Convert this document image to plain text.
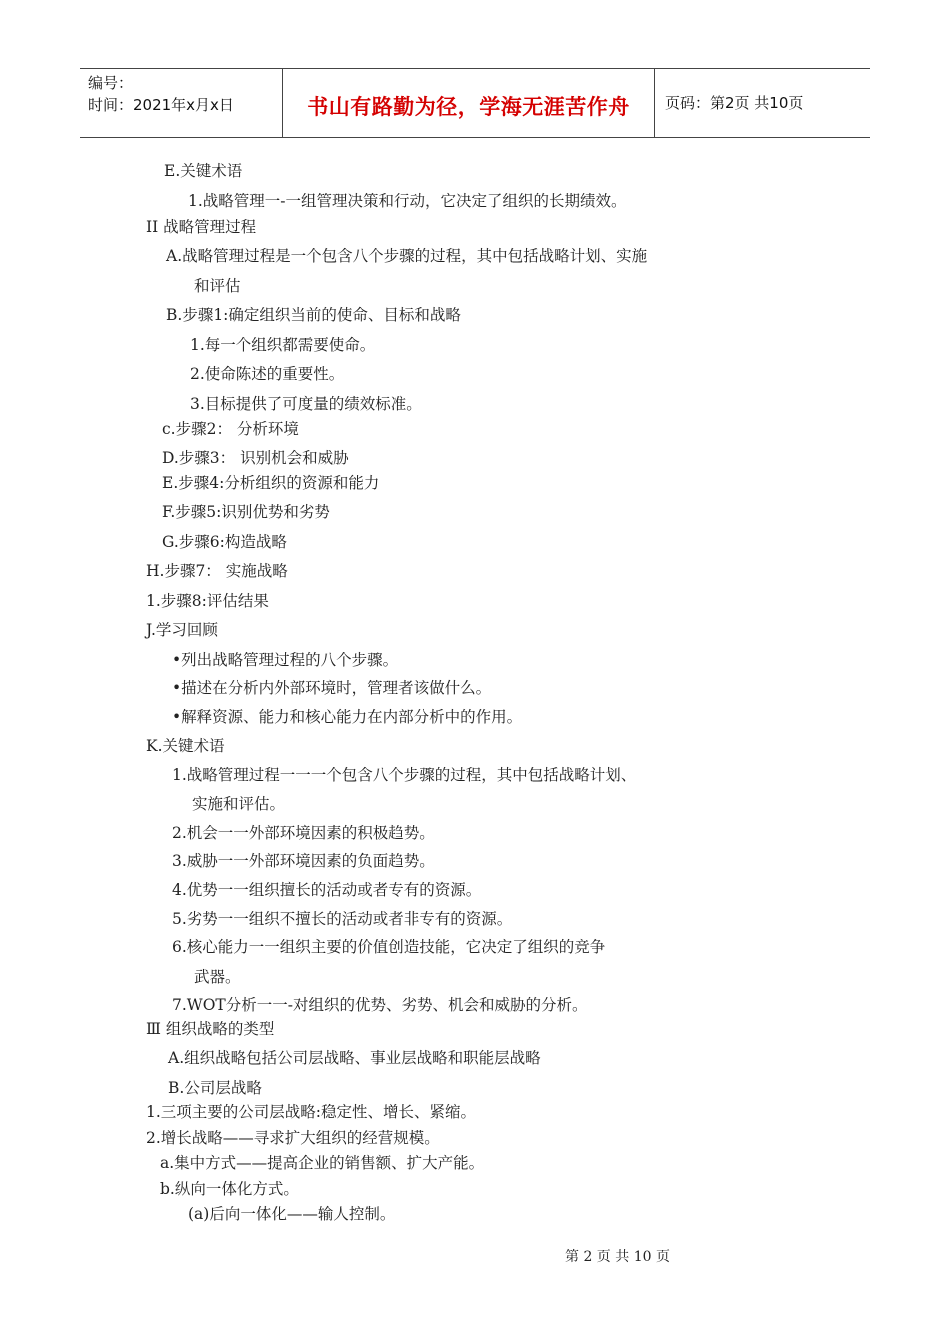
编号：
时间：2021年x月x日	书山有路勤为径，学海无涯苦作舟	页码：第2页 共10页
E.关键术语
1.战略管理一-一组管理决策和行动，它决定了组织的长期绩效。
II 战略管理过程
A.战略管理过程是一个包含八个步骤的过程，其中包括战略计划、实施
和评估
B.步骤1:确定组织当前的使命、目标和战略
1.每一个组织都需要使命。
2.使命陈述的重要性。
3.目标提供了可度量的绩效标准。
c.步骤2： 分析环境
D.步骤3： 识别机会和威胁
E.步骤4:分析组织的资源和能力
F.步骤5:识别优势和劣势
G.步骤6:构造战略
H.步骤7： 实施战略
1.步骤8:评估结果
J.学习回顾
•列出战略管理过程的八个步骤。
•描述在分析内外部环境时，管理者该做什么。
•解释资源、能力和核心能力在内部分析中的作用。
K.关键术语
1.战略管理过程一一一个包含八个步骤的过程，其中包括战略计划、
实施和评估。
2.机会一一外部环境因素的积极趋势。
3.威胁一一外部环境因素的负面趋势。
4.优势一一组织擅长的活动或者专有的资源。
5.劣势一一组织不擅长的活动或者非专有的资源。
6.核心能力一一组织主要的价值创造技能，它决定了组织的竞争
武器。
7.WOT分析一一-对组织的优势、劣势、机会和威胁的分析。
Ⅲ 组织战略的类型
A.组织战略包括公司层战略、事业层战略和职能层战略
B.公司层战略
1.三项主要的公司层战略:稳定性、增长、紧缩。
2.增长战略——寻求扩大组织的经营规模。
a.集中方式——提高企业的销售额、扩大产能。
b.纵向一体化方式。
(a)后向一体化——输人控制。
第 2 页 共 10 页
